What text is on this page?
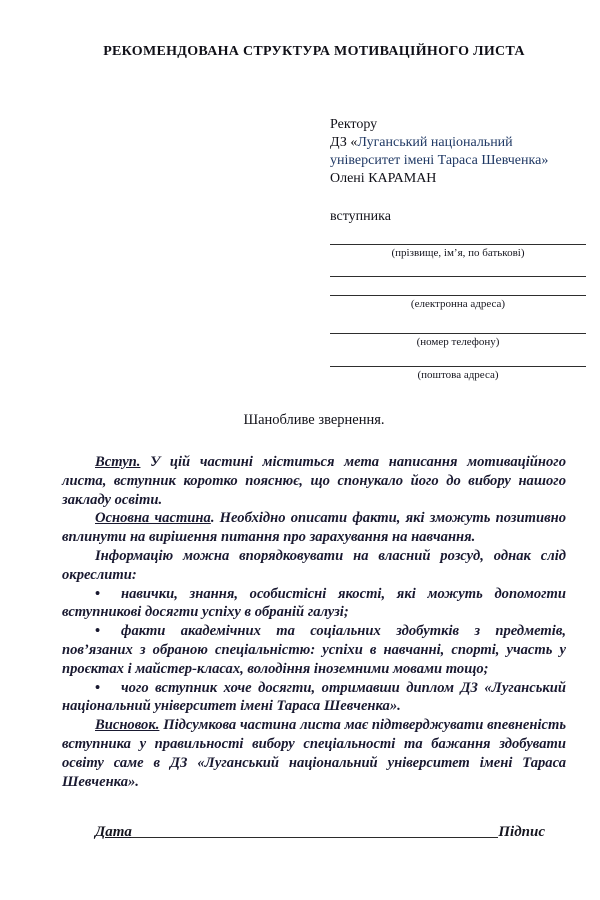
РЕКОМЕНДОВАНА СТРУКТУРА МОТИВАЦІЙНОГО ЛИСТА
Ректору
ДЗ «Луганський національний
університет імені Тараса Шевченка»
Олені КАРАМАН
вступника
(прізвище, ім’я, по батькові)
(електронна адреса)
(номер телефону)
(поштова адреса)

Шанобливе звернення.

Вступ. У цій частині міститься мета написання мотиваційного листа, вступник коротко пояснює, що спонукало його до вибору нашого закладу освіти.

Основна частина. Необхідно описати факти, які зможуть позитивно вплинути на вирішення питання про зарахування на навчання.

Інформацію можна впорядковувати на власний розсуд, однак слід окреслити:

• навички, знання, особистісні якості, які можуть допомогти вступникові досягти успіху в обраній галузі;

• факти академічних та соціальних здобутків з предметів, пов’язаних з обраною спеціальністю: успіхи в навчанні, спорті, участь у проєктах і майстер-класах, володіння іноземними мовами тощо;

• чого вступник хоче досягти, отримавши диплом ДЗ «Луганський національний університет імені Тараса Шевченка».

Висновок. Підсумкова частина листа має підтверджувати впевненість вступника у правильності вибору спеціальності та бажання здобувати освіту саме в ДЗ «Луганський національний університет імені Тараса Шевченка».

Дата	Підпис
